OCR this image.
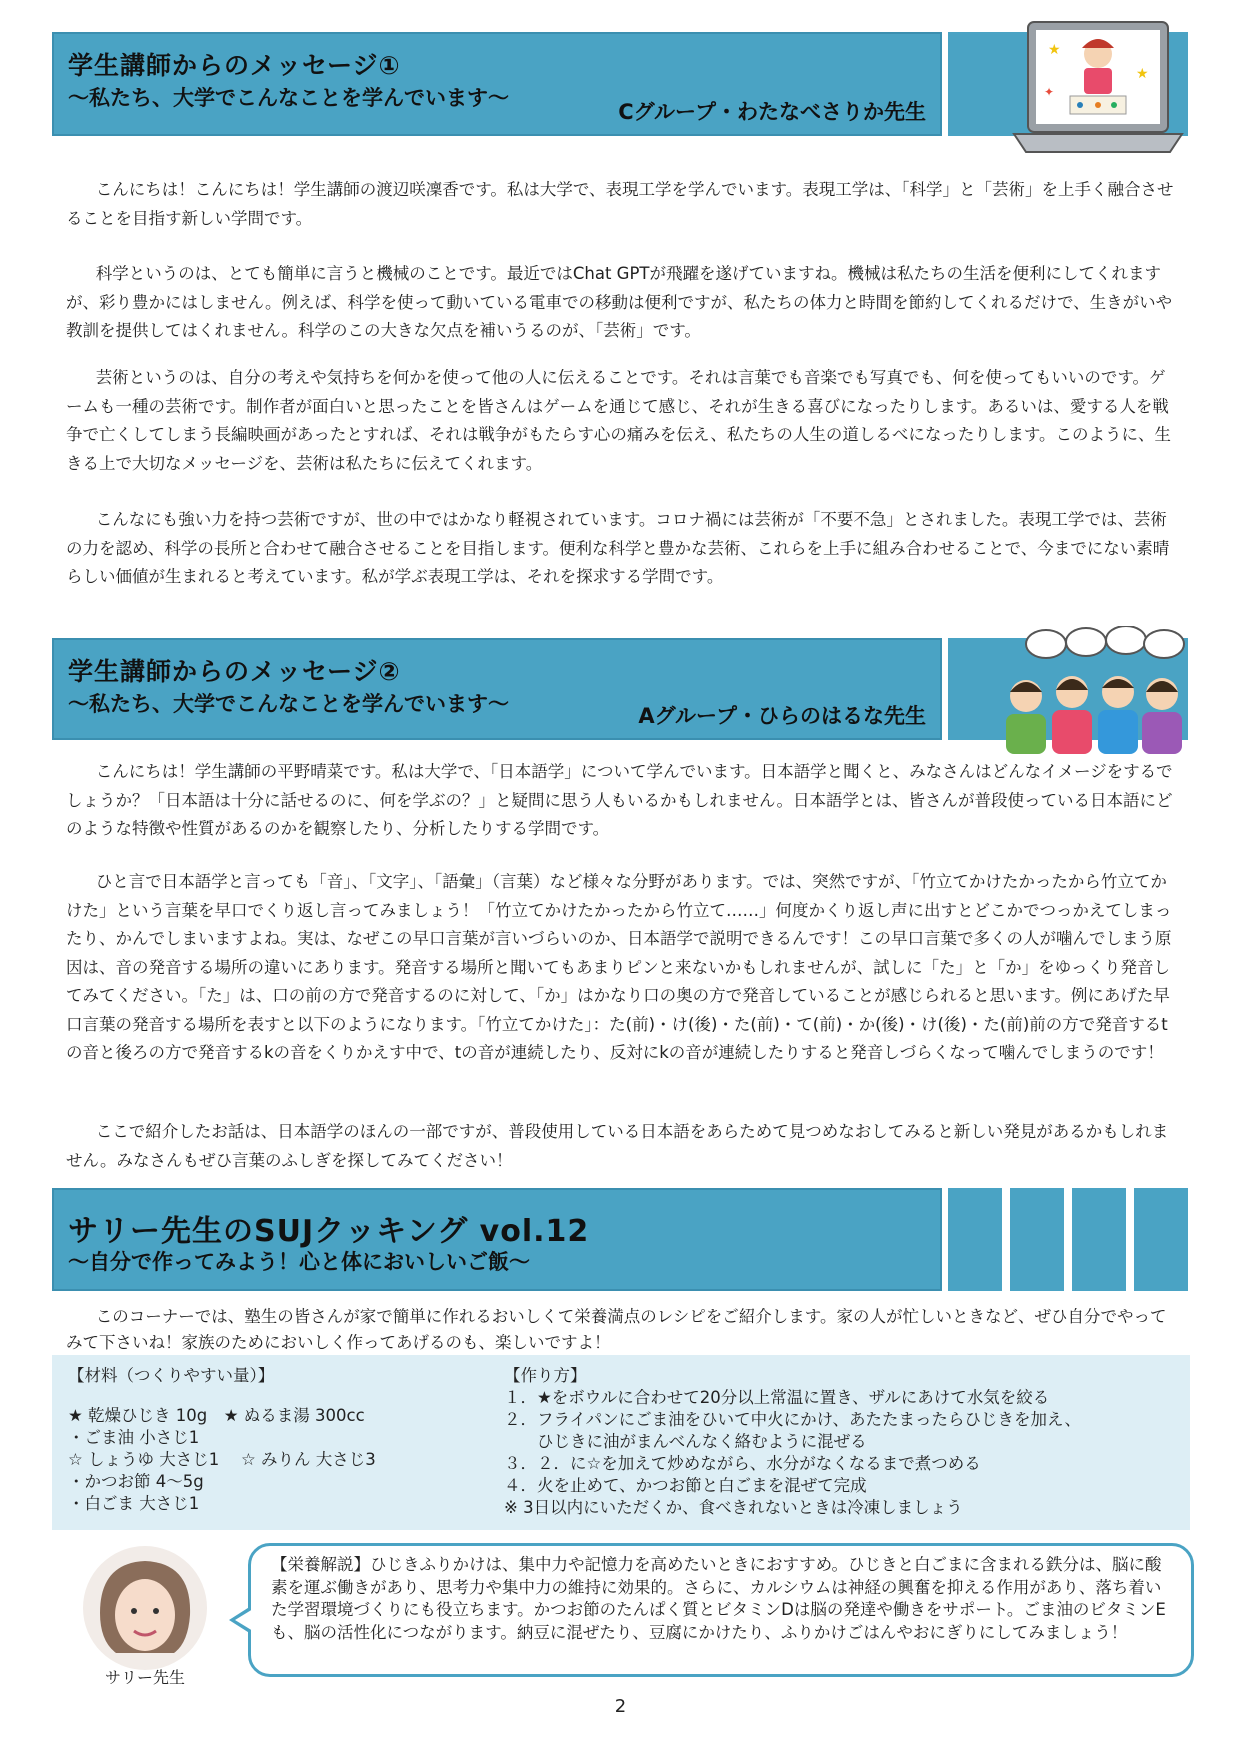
学生講師からのメッセージ①
～私たち、大学でこんなことを学んでいます～
Cグループ・わたなべさりか先生
★
★
✦

こんにちは！こんにちは！学生講師の渡辺咲凜香です。私は大学で、表現工学を学んでいます。表現工学は、「科学」と「芸術」を上手く融合させることを目指す新しい学問です。

科学というのは、とても簡単に言うと機械のことです。最近ではChat GPTが飛躍を遂げていますね。機械は私たちの生活を便利にしてくれますが、彩り豊かにはしません。例えば、科学を使って動いている電車での移動は便利ですが、私たちの体力と時間を節約してくれるだけで、生きがいや教訓を提供してはくれません。科学のこの大きな欠点を補いうるのが、「芸術」です。

芸術というのは、自分の考えや気持ちを何かを使って他の人に伝えることです。それは言葉でも音楽でも写真でも、何を使ってもいいのです。ゲームも一種の芸術です。制作者が面白いと思ったことを皆さんはゲームを通じて感じ、それが生きる喜びになったりします。あるいは、愛する人を戦争で亡くしてしまう長編映画があったとすれば、それは戦争がもたらす心の痛みを伝え、私たちの人生の道しるべになったりします。このように、生きる上で大切なメッセージを、芸術は私たちに伝えてくれます。

こんなにも強い力を持つ芸術ですが、世の中ではかなり軽視されています。コロナ禍には芸術が「不要不急」とされました。表現工学では、芸術の力を認め、科学の長所と合わせて融合させることを目指します。便利な科学と豊かな芸術、これらを上手に組み合わせることで、今までにない素晴らしい価値が生まれると考えています。私が学ぶ表現工学は、それを探求する学問です。

学生講師からのメッセージ②
～私たち、大学でこんなことを学んでいます～	Aグループ・ひらのはるな先生

こんにちは！学生講師の平野晴菜です。私は大学で、「日本語学」について学んでいます。日本語学と聞くと、みなさんはどんなイメージをするでしょうか？「日本語は十分に話せるのに、何を学ぶの？」と疑問に思う人もいるかもしれません。日本語学とは、皆さんが普段使っている日本語にどのような特徴や性質があるのかを観察したり、分析したりする学問です。

ひと言で日本語学と言っても「音」、「文字」、「語彙」（言葉）など様々な分野があります。では、突然ですが、「竹立てかけたかったから竹立てかけた」という言葉を早口でくり返し言ってみましょう！「竹立てかけたかったから竹立て……」何度かくり返し声に出すとどこかでつっかえてしまったり、かんでしまいますよね。実は、なぜこの早口言葉が言いづらいのか、日本語学で説明できるんです！この早口言葉で多くの人が噛んでしまう原因は、音の発音する場所の違いにあります。発音する場所と聞いてもあまりピンと来ないかもしれませんが、試しに「た」と「か」をゆっくり発音してみてください。「た」は、口の前の方で発音するのに対して、「か」はかなり口の奥の方で発音していることが感じられると思います。例にあげた早口言葉の発音する場所を表すと以下のようになります。「竹立てかけた」：た(前)・け(後)・た(前)・て(前)・か(後)・け(後)・た(前)前の方で発音するtの音と後ろの方で発音するkの音をくりかえす中で、tの音が連続したり、反対にkの音が連続したりすると発音しづらくなって噛んでしまうのです！

ここで紹介したお話は、日本語学のほんの一部ですが、普段使用している日本語をあらためて見つめなおしてみると新しい発見があるかもしれません。みなさんもぜひ言葉のふしぎを探してみてください！

サリー先生のSUJクッキング vol.12
～自分で作ってみよう！心と体においしいご飯～

このコーナーでは、塾生の皆さんが家で簡単に作れるおいしくて栄養満点のレシピをご紹介します。家の人が忙しいときなど、ぜひ自分でやってみて下さいね！家族のためにおいしく作ってあげるのも、楽しいですよ！

【材料（つくりやすい量）】
★ 乾燥ひじき 10g　★ ぬるま湯 300cc
・ごま油 小さじ1
☆ しょうゆ 大さじ1　 ☆ みりん 大さじ3
・かつお節 4～5g
・白ごま 大さじ1
【作り方】
１．★をボウルに合わせて20分以上常温に置き、ザルにあけて水気を絞る
２．フライパンにごま油をひいて中火にかけ、あたたまったらひじきを加え、
　　ひじきに油がまんべんなく絡むように混ぜる
３．２．に☆を加えて炒めながら、水分がなくなるまで煮つめる
４．火を止めて、かつお節と白ごまを混ぜて完成
※ 3日以内にいただくか、食べきれないときは冷凍しましょう
サリー先生
【栄養解説】ひじきふりかけは、集中力や記憶力を高めたいときにおすすめ。ひじきと白ごまに含まれる鉄分は、脳に酸素を運ぶ働きがあり、思考力や集中力の維持に効果的。さらに、カルシウムは神経の興奮を抑える作用があり、落ち着いた学習環境づくりにも役立ちます。かつお節のたんぱく質とビタミンDは脳の発達や働きをサポート。ごま油のビタミンEも、脳の活性化につながります。納豆に混ぜたり、豆腐にかけたり、ふりかけごはんやおにぎりにしてみましょう！
2
